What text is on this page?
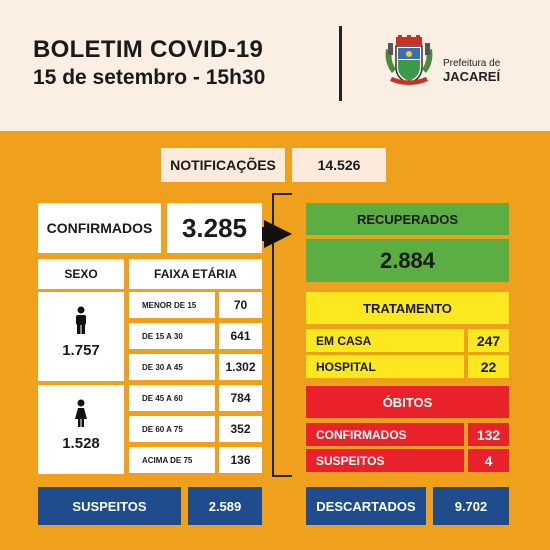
BOLETIM COVID-19
15 de setembro - 15h30
Prefeitura de
JACAREÍ
NOTIFICAÇÕES	14.526
CONFIRMADOS	3.285
SEXO	FAIXA ETÁRIA
1.757
1.528
MENOR DE 15	70
DE 15 A 30	641
DE 30 A 45	1.302
DE 45 A 60	784
DE 60 A 75	352
ACIMA DE 75	136
SUSPEITOS	2.589
RECUPERADOS
2.884
TRATAMENTO
EM CASA	247
HOSPITAL	22
ÓBITOS
CONFIRMADOS	132
SUSPEITOS	4
DESCARTADOS	9.702
